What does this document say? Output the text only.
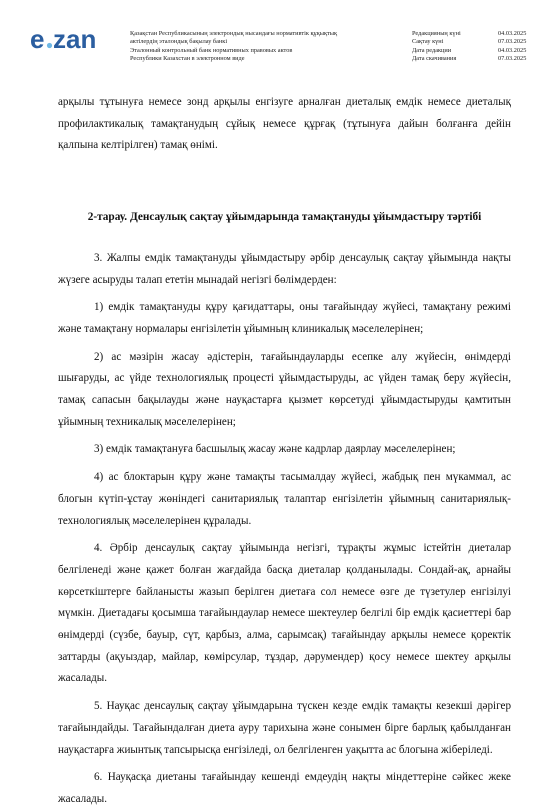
e zan	Қазақстан Республикасының электрондық нысандағы нормативтік құқықтық
актілердің эталондық бақылау банкі
Эталонный контрольный банк нормативных правовых актов
Республики Казахстан в электронном виде
Редакцияның күні	04.03.2025
Сақтау күні	07.03.2025
Дата редакции	04.03.2025
Дата скачивания	07.03.2025

арқылы тұтынуға немесе зонд арқылы енгізуге арналған диеталық емдік немесе диеталық профилактикалық тамақтанудың сұйық немесе құрғақ (тұтынуға дайын болғанға дейін қалпына келтірілген) тамақ өнімі.

2-тарау. Денсаулық сақтау ұйымдарында тамақтануды ұйымдастыру тәртібі

3. Жалпы емдік тамақтануды ұйымдастыру әрбір денсаулық сақтау ұйымында нақты жүзеге асыруды талап ететін мынадай негізгі бөлімдерден:

1) емдік тамақтануды құру қағидаттары, оны тағайындау жүйесі, тамақтану режимі және тамақтану нормалары енгізілетін ұйымның клиникалық мәселелерінен;

2) ас мәзірін жасау әдістерін, тағайындауларды есепке алу жүйесін, өнімдерді шығаруды, ас үйде технологиялық процесті ұйымдастыруды, ас үйден тамақ беру жүйесін, тамақ сапасын бақылауды және науқастарға қызмет көрсетуді ұйымдастыруды қамтитын ұйымның техникалық мәселелерінен;

3) емдік тамақтануға басшылық жасау және кадрлар даярлау мәселелерінен;

4) ас блоктарын құру және тамақты тасымалдау жүйесі, жабдық пен мүкаммал, ас блогын күтіп-ұстау жөніндегі санитариялық талаптар енгізілетін ұйымның санитариялық-технологиялық мәселелерінен құралады.

4. Әрбір денсаулық сақтау ұйымында негізгі, тұрақты жұмыс істейтін диеталар белгіленеді және қажет болған жағдайда басқа диеталар қолданылады. Сондай-ақ, арнайы көрсеткіштерге байланысты жазып берілген диетаға сол немесе өзге де түзетулер енгізілуі мүмкін. Диетадағы қосымша тағайындаулар немесе шектеулер белгілі бір емдік қасиеттері бар өнімдерді (сүзбе, бауыр, сүт, қарбыз, алма, сарымсақ) тағайындау арқылы немесе қоректік заттарды (ақуыздар, майлар, көмірсулар, тұздар, дәрумендер) қосу немесе шектеу арқылы жасалады.

5. Науқас денсаулық сақтау ұйымдарына түскен кезде емдік тамақты кезекші дәрігер тағайындайды. Тағайындалған диета ауру тарихына және сонымен бірге барлық қабылданған науқастарға жиынтық тапсырысқа енгізіледі, ол белгіленген уақытта ас блогына жіберіледі.

6. Науқасқа диетаны тағайындау кешенді емдеудің нақты міндеттеріне сәйкес жеке жасалады.
